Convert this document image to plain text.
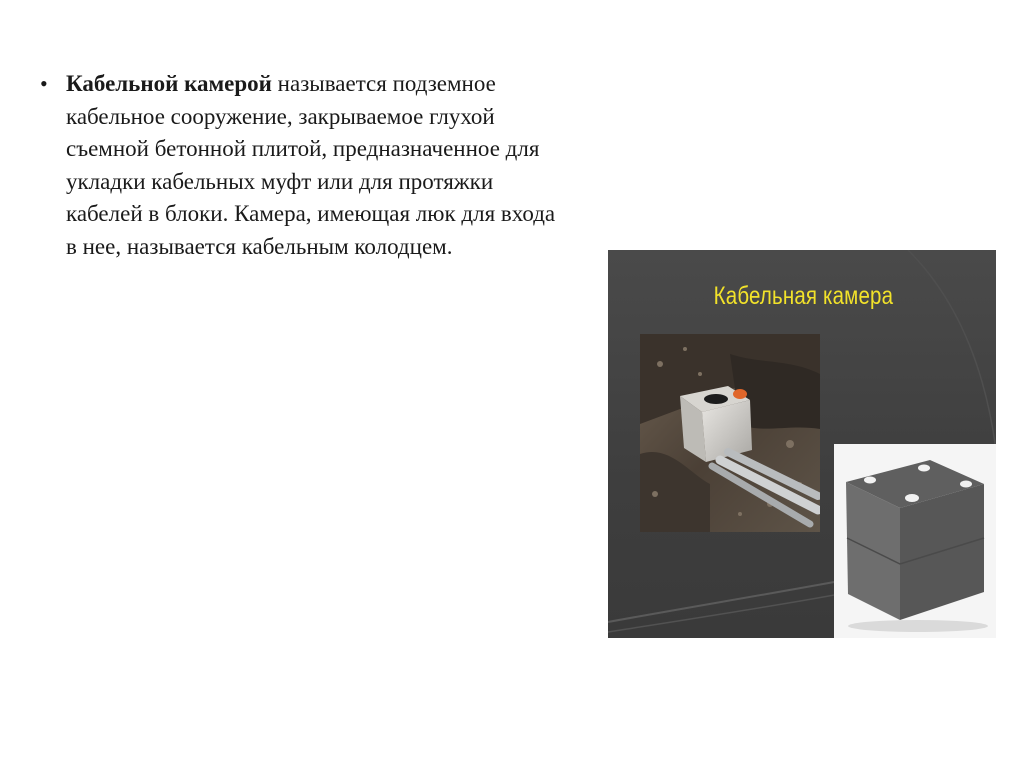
• Кабельной камерой называется подземное кабельное сооружение, закрываемое глухой съемной бетонной плитой, предназначенное для укладки кабельных муфт или для протяжки кабелей в блоки. Камера, имеющая люк для входа в нее, называется кабельным колодцем.

Кабельная камера
